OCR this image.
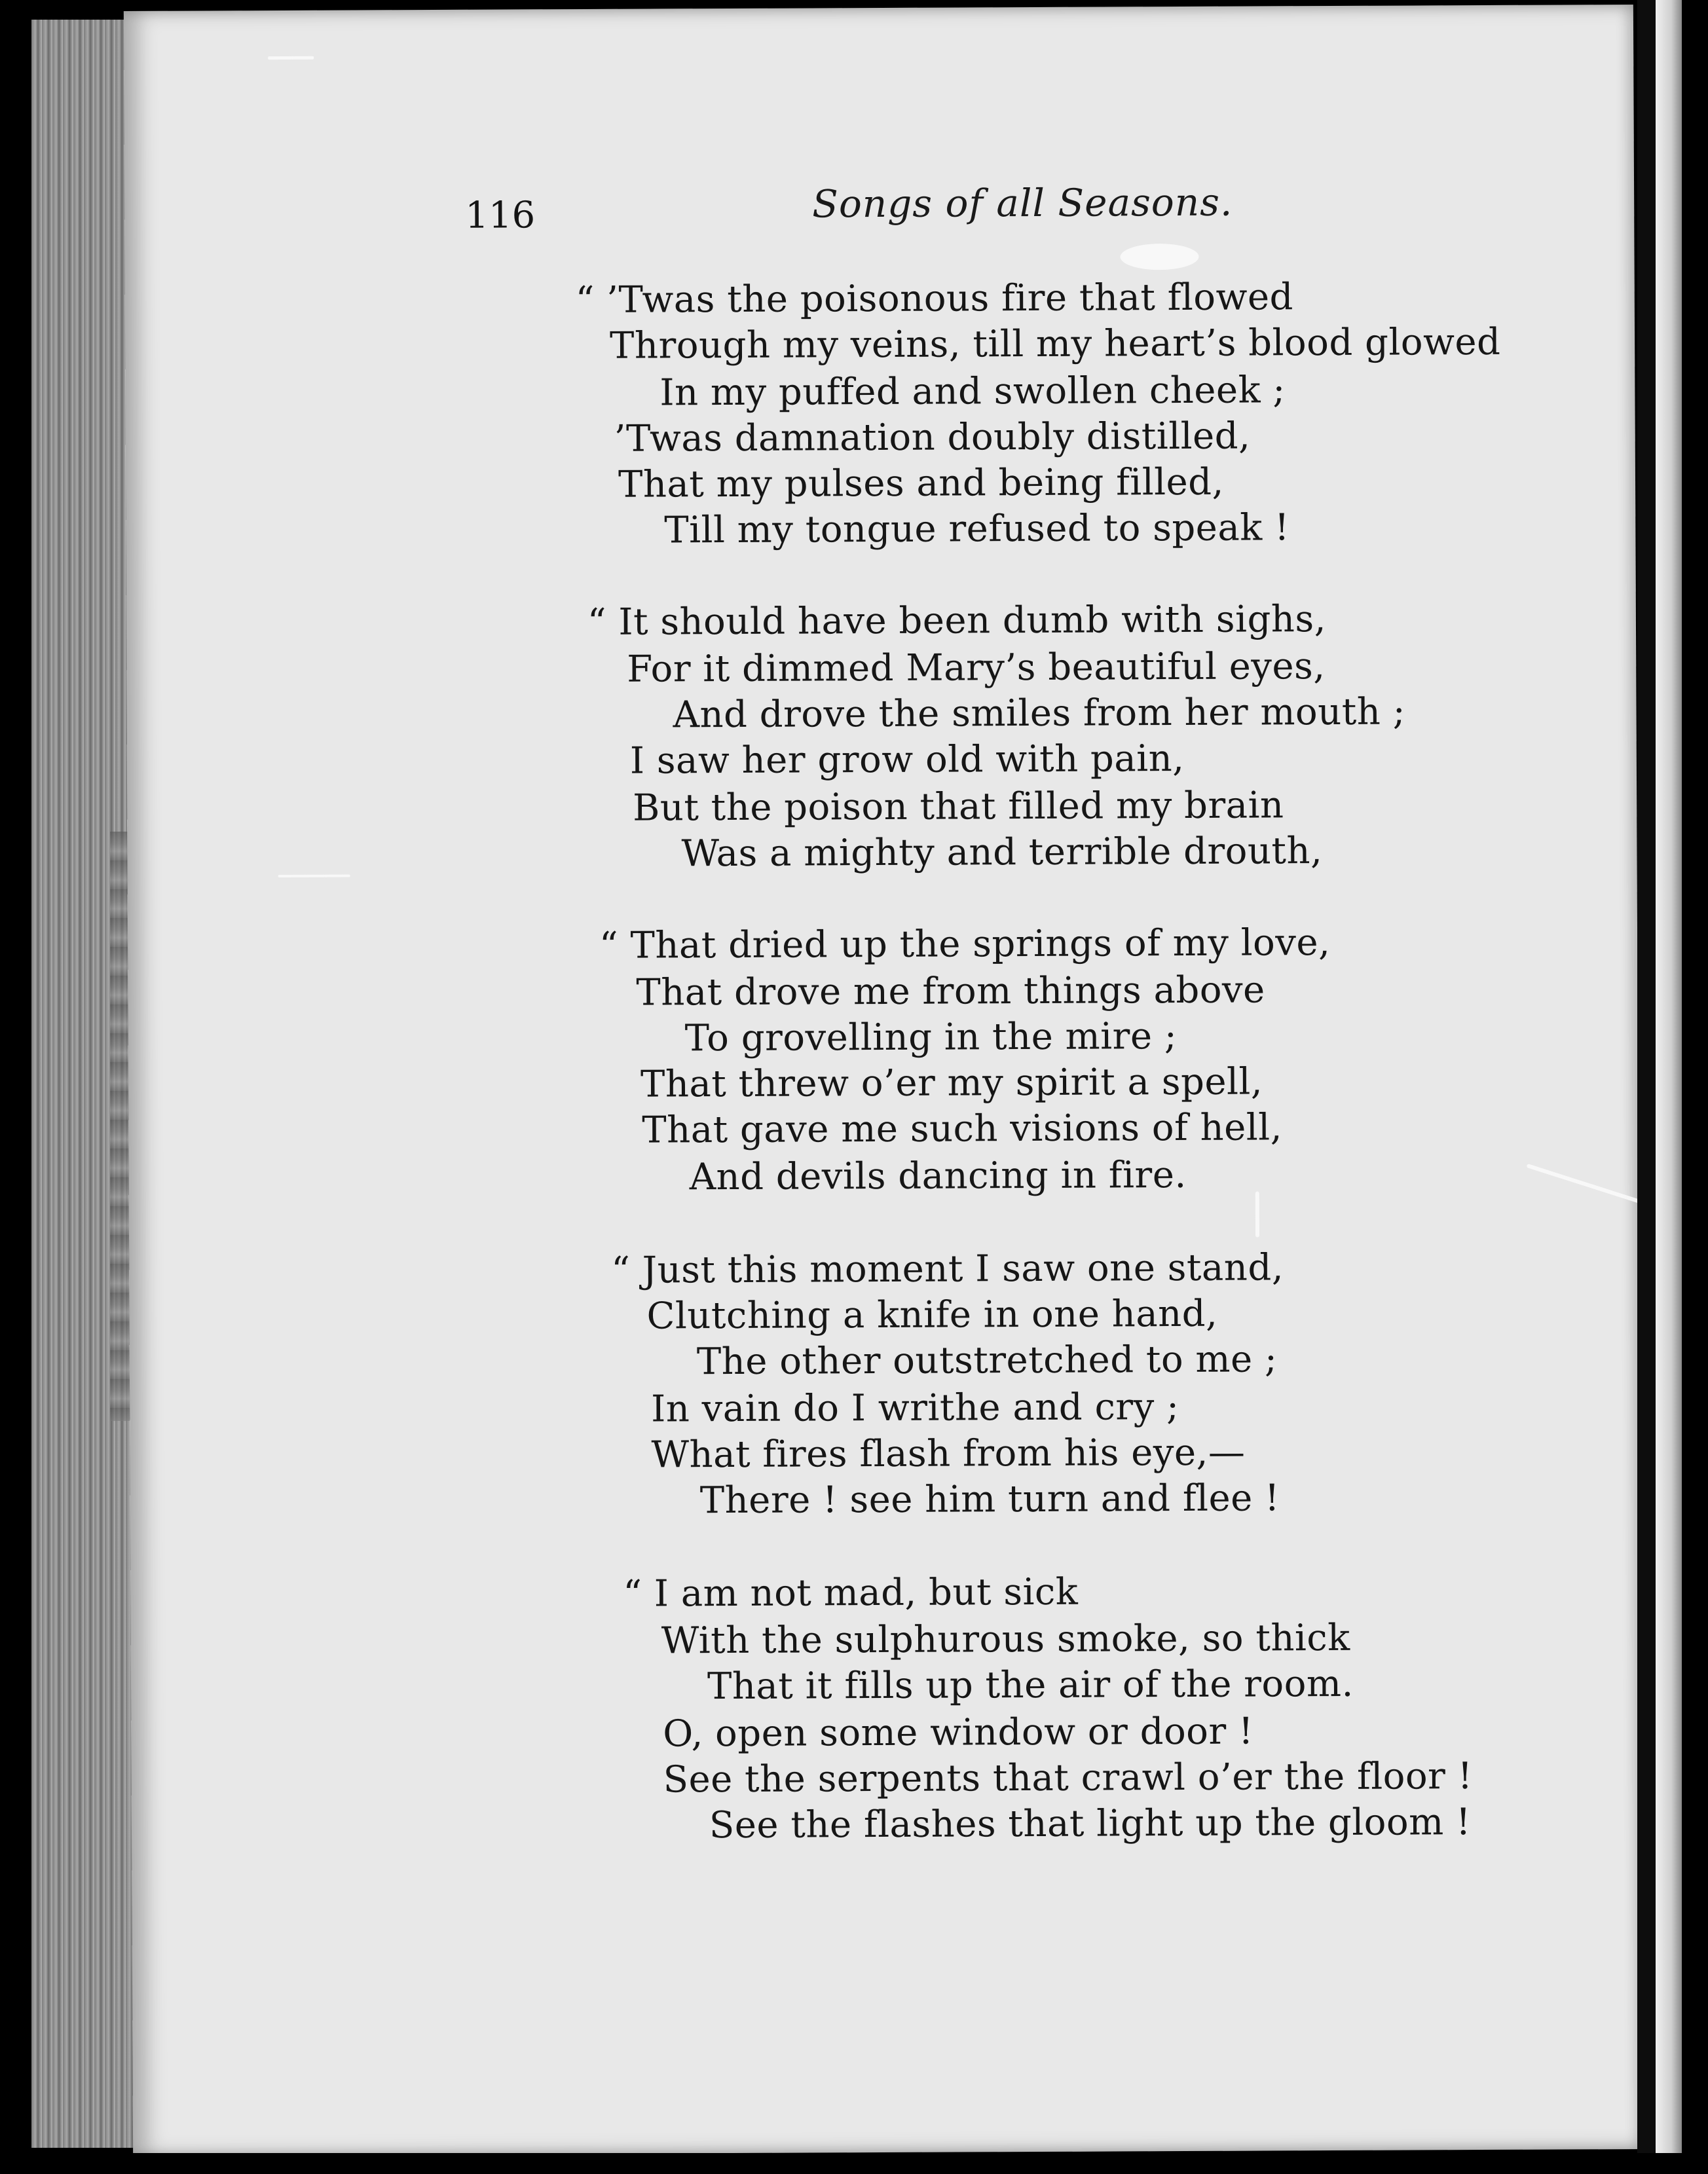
116	Songs of all Seasons.
“ ’Twas the poisonous fire that flowed
Through my veins, till my heart’s blood glowed
In my puffed and swollen cheek ;
’Twas damnation doubly distilled,
That my pulses and being filled,
Till my tongue refused to speak !
“ It should have been dumb with sighs,
For it dimmed Mary’s beautiful eyes,
And drove the smiles from her mouth ;
I saw her grow old with pain,
But the poison that filled my brain
Was a mighty and terrible drouth,
“ That dried up the springs of my love,
That drove me from things above
To grovelling in the mire ;
That threw o’er my spirit a spell,
That gave me such visions of hell,
And devils dancing in fire.
“ Just this moment I saw one stand,
Clutching a knife in one hand,
The other outstretched to me ;
In vain do I writhe and cry ;
What fires flash from his eye,—
There ! see him turn and flee !
“ I am not mad, but sick
With the sulphurous smoke, so thick
That it fills up the air of the room.
O, open some window or door !
See the serpents that crawl o’er the floor !
See the flashes that light up the gloom !
